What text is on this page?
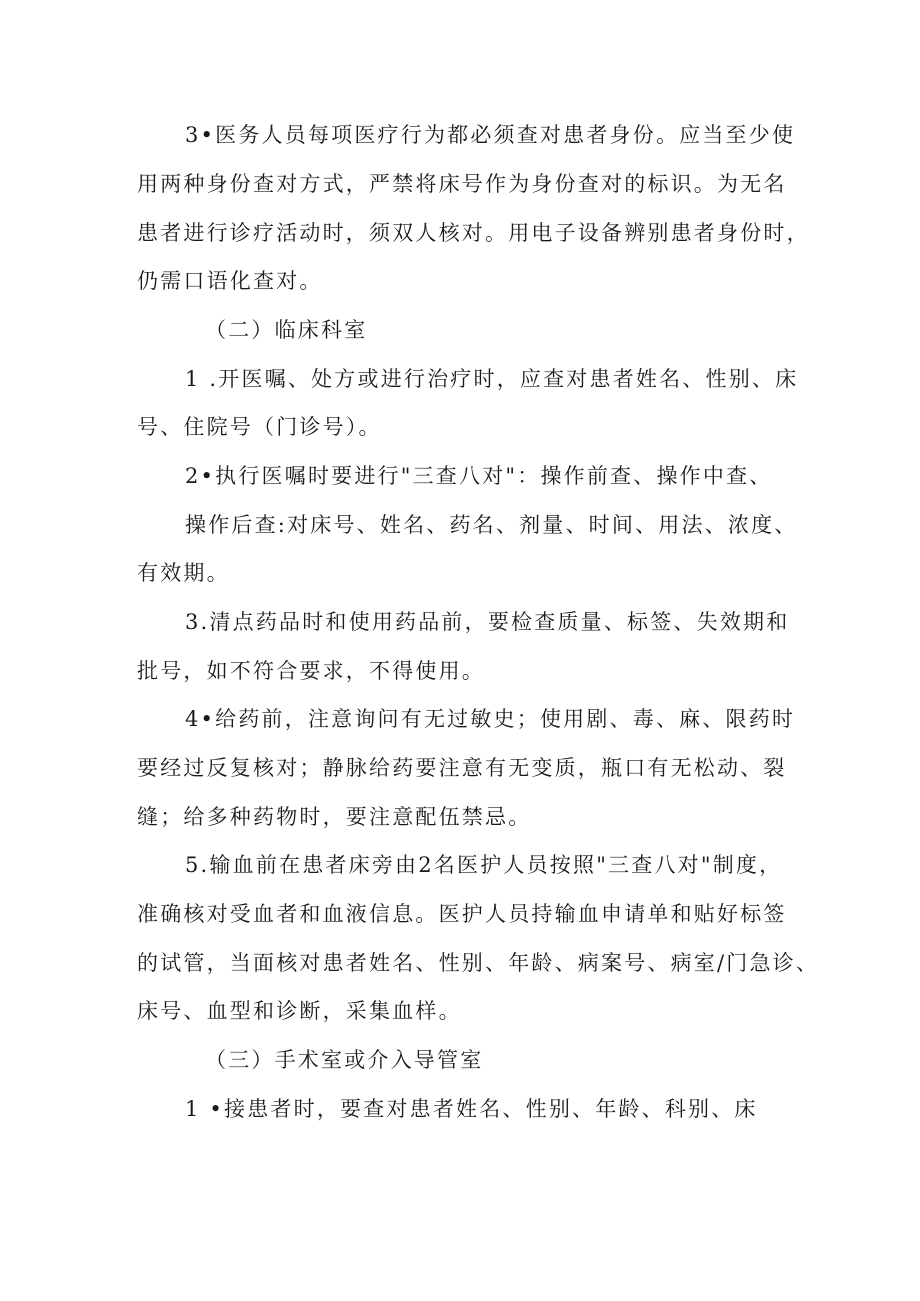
3•医务人员每项医疗行为都必须查对患者身份。应当至少使
用两种身份查对方式，严禁将床号作为身份查对的标识。为无名
患者进行诊疗活动时，须双人核对。用电子设备辨别患者身份时，
仍需口语化查对。
（二）临床科室
1 .开医嘱、处方或进行治疗时，应查对患者姓名、性别、床
号、住院号（门诊号）。
2•执行医嘱时要进行"三查八对"：操作前查、操作中查、
操作后查:对床号、姓名、药名、剂量、时间、用法、浓度、
有效期。
3.清点药品时和使用药品前，要检查质量、标签、失效期和
批号，如不符合要求，不得使用。
4•给药前，注意询问有无过敏史；使用剧、毒、麻、限药时
要经过反复核对；静脉给药要注意有无变质，瓶口有无松动、裂
缝；给多种药物时，要注意配伍禁忌。
5.输血前在患者床旁由2名医护人员按照"三查八对"制度，
准确核对受血者和血液信息。医护人员持输血申请单和贴好标签
的试管，当面核对患者姓名、性别、年龄、病案号、病室/门急诊、
床号、血型和诊断，采集血样。
（三）手术室或介入导管室
1 •接患者时，要查对患者姓名、性别、年龄、科别、床
